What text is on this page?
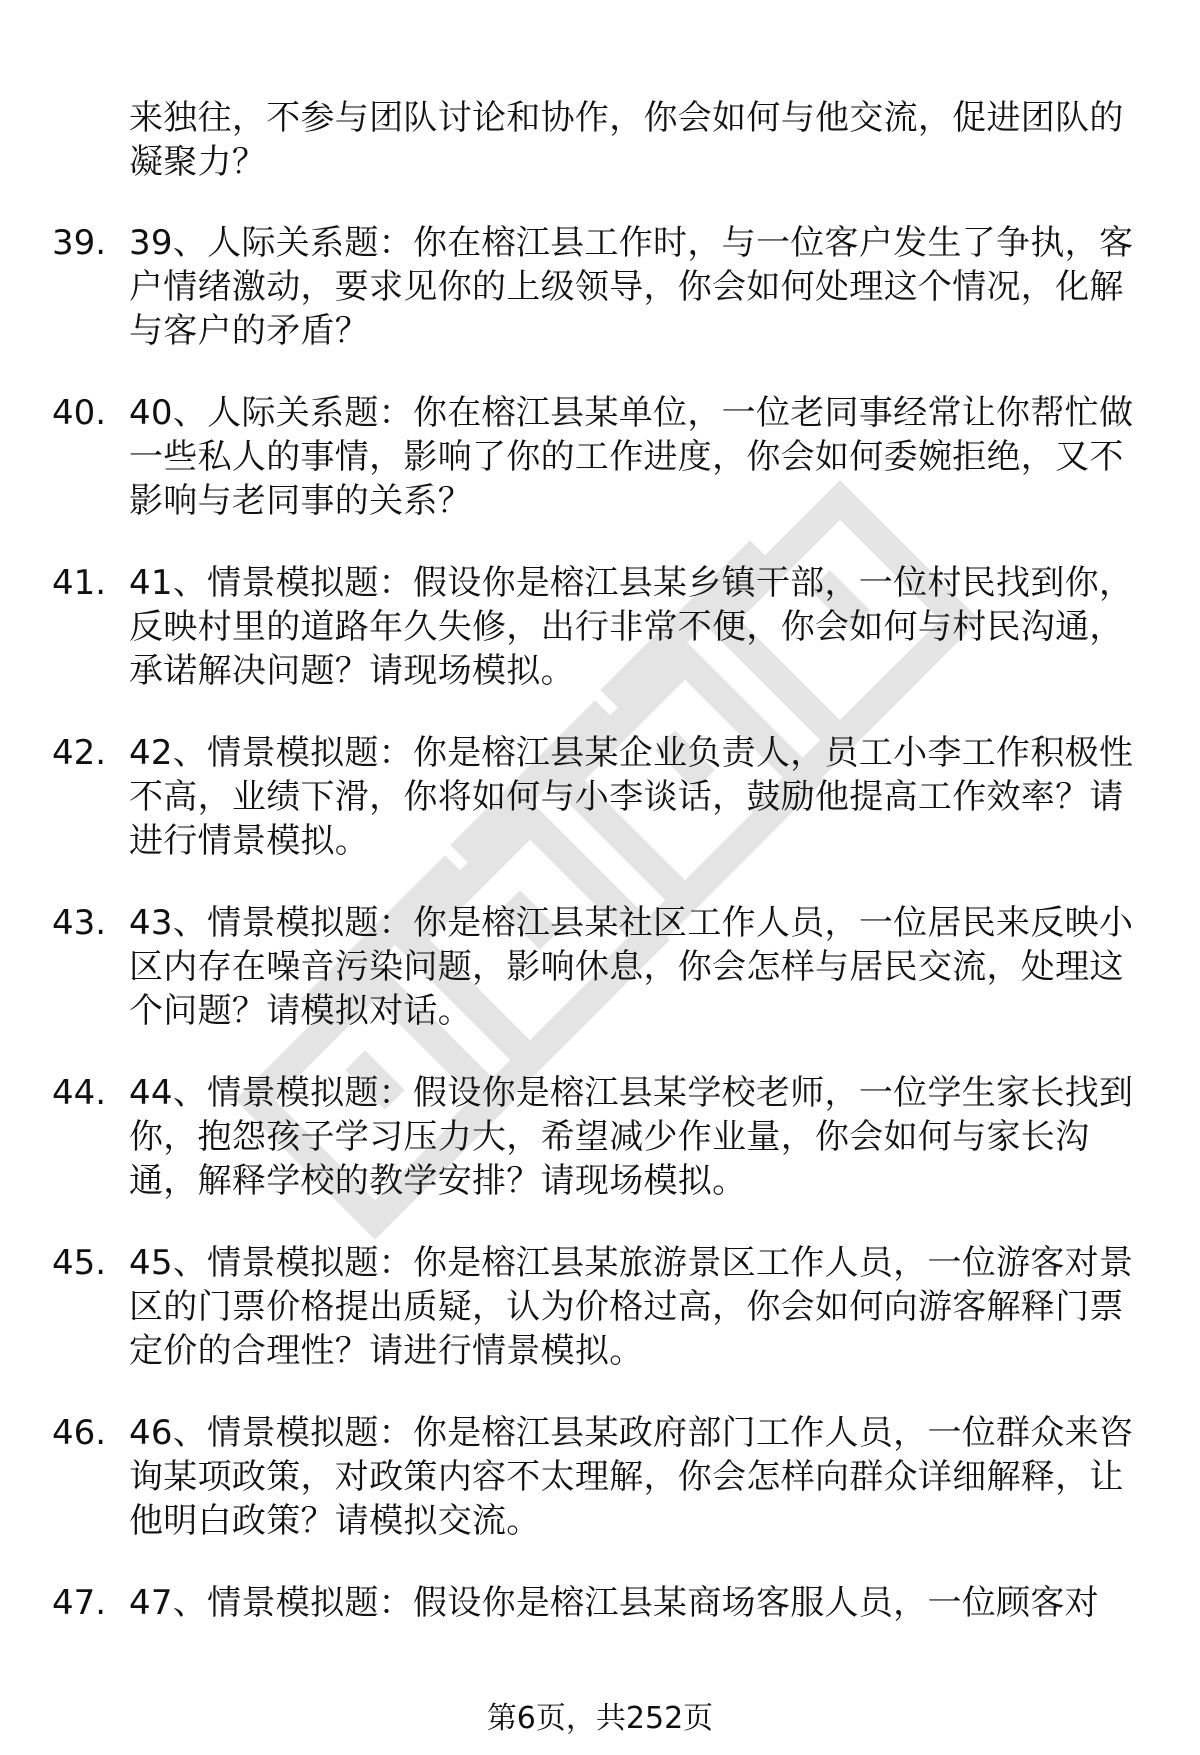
来独往，不参与团队讨论和协作，你会如何与他交流，促进团队的凝聚力？

39. 39、人际关系题：你在榕江县工作时，与一位客户发生了争执，客户情绪激动，要求见你的上级领导，你会如何处理这个情况，化解与客户的矛盾？
40. 40、人际关系题：你在榕江县某单位，一位老同事经常让你帮忙做一些私人的事情，影响了你的工作进度，你会如何委婉拒绝，又不影响与老同事的关系？
41. 41、情景模拟题：假设你是榕江县某乡镇干部，一位村民找到你，反映村里的道路年久失修，出行非常不便，你会如何与村民沟通，承诺解决问题？请现场模拟。
42. 42、情景模拟题：你是榕江县某企业负责人，员工小李工作积极性不高，业绩下滑，你将如何与小李谈话，鼓励他提高工作效率？请进行情景模拟。
43. 43、情景模拟题：你是榕江县某社区工作人员，一位居民来反映小区内存在噪音污染问题，影响休息，你会怎样与居民交流，处理这个问题？请模拟对话。
44. 44、情景模拟题：假设你是榕江县某学校老师，一位学生家长找到你，抱怨孩子学习压力大，希望减少作业量，你会如何与家长沟通，解释学校的教学安排？请现场模拟。
45. 45、情景模拟题：你是榕江县某旅游景区工作人员，一位游客对景区的门票价格提出质疑，认为价格过高，你会如何向游客解释门票定价的合理性？请进行情景模拟。
46. 46、情景模拟题：你是榕江县某政府部门工作人员，一位群众来咨询某项政策，对政策内容不太理解，你会怎样向群众详细解释，让他明白政策？请模拟交流。
47. 47、情景模拟题：假设你是榕江县某商场客服人员，一位顾客对
第6页，共252页
